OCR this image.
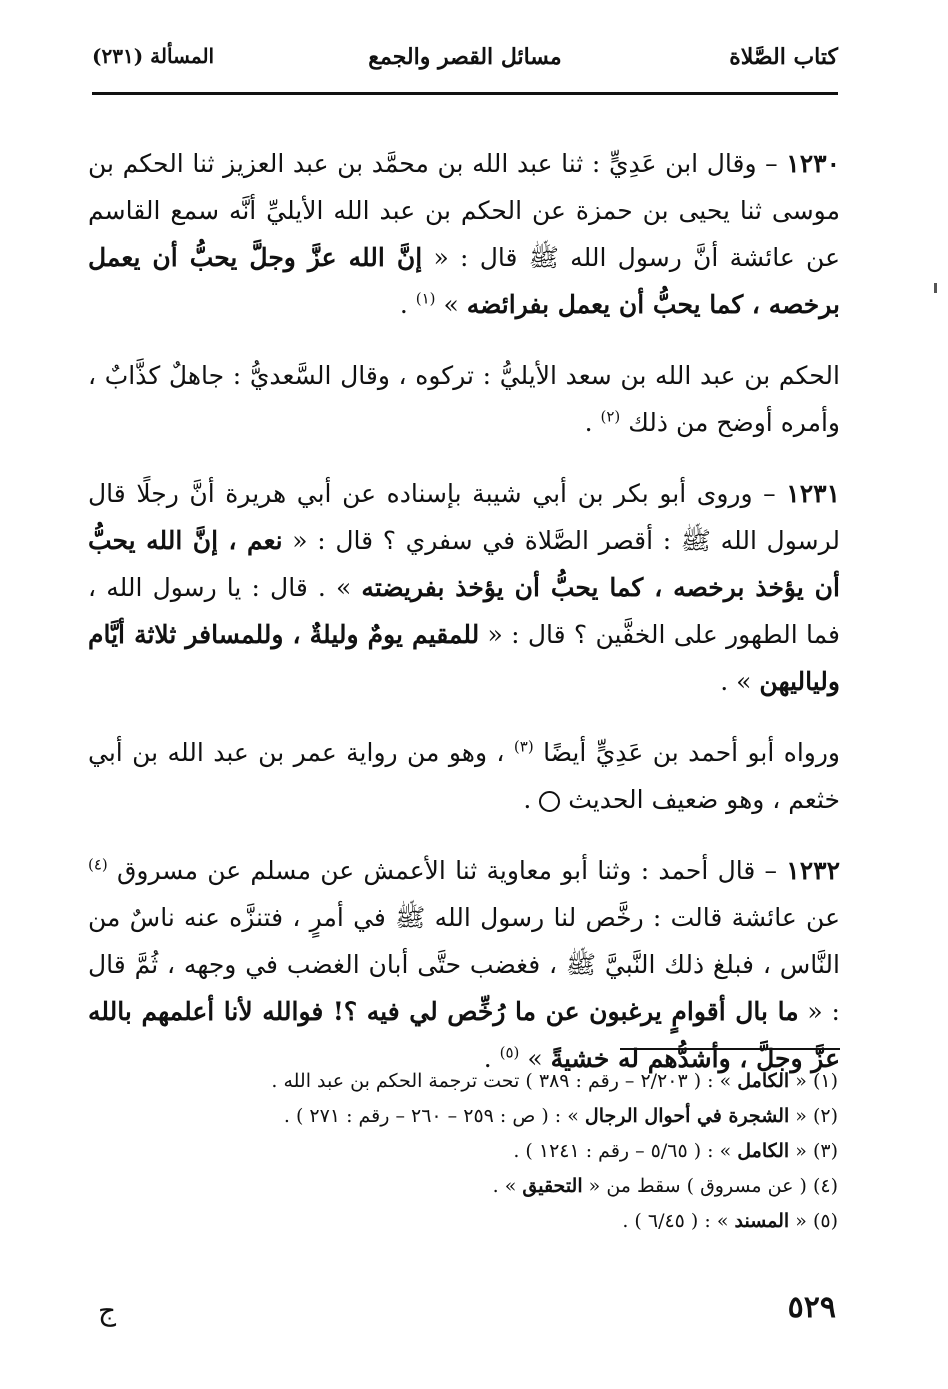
كتاب الصَّلاة
مسائل القصر والجمع
المسألة (٢٣١)

١٢٣٠ – وقال ابن عَدِيٍّ : ثنا عبد الله بن محمَّد بن عبد العزيز ثنا الحكم بن موسى ثنا يحيى بن حمزة عن الحكم بن عبد الله الأيليِّ أنَّه سمع القاسم عن عائشة أنَّ رسول الله ﷺ قال : « إنَّ الله عزَّ وجلَّ يحبُّ أن يعمل برخصه ، كما يحبُّ أن يعمل بفرائضه » $^{(١)}$ .

الحكم بن عبد الله بن سعد الأيليُّ : تركوه ، وقال السَّعديُّ : جاهلٌ كذَّابٌ ، وأمره أوضح من ذلك $^{(٢)}$ .

١٢٣١ – وروى أبو بكر بن أبي شيبة بإسناده عن أبي هريرة أنَّ رجلًا قال لرسول الله ﷺ : أقصر الصَّلاة في سفري ؟ قال : « نعم ، إنَّ الله يحبُّ أن يؤخذ برخصه ، كما يحبُّ أن يؤخذ بفريضته » . قال : يا رسول الله ، فما الطهور على الخفَّين ؟ قال : « للمقيم يومٌ وليلةٌ ، وللمسافر ثلاثة أيَّام ولياليهن » .

ورواه أبو أحمد بن عَدِيٍّ أيضًا $^{(٣)}$ ، وهو من رواية عمر بن عبد الله بن أبي خثعم ، وهو ضعيف الحديث  .

١٢٣٢ – قال أحمد : وثنا أبو معاوية ثنا الأعمش عن مسلم عن مسروق $^{(٤)}$ عن عائشة قالت : رخَّص لنا رسول الله ﷺ في أمرٍ ، فتنزَّه عنه ناسٌ من النَّاس ، فبلغ ذلك النَّبيَّ ﷺ ، فغضب حتَّى أبان الغضب في وجهه ، ثُمَّ قال : « ما بال أقوامٍ يرغبون عن ما رُخِّص لي فيه ؟! فوالله لأنا أعلمهم بالله عزَّ وجلَّ ، وأشدُّهم له خشيةً » $^{(٥)}$ .

(١) « الكامل » : ( ٢/٢٠٣ – رقم : ٣٨٩ ) تحت ترجمة الحكم بن عبد الله .

(٢) « الشجرة في أحوال الرجال » : ( ص : ٢٥٩ – ٢٦٠ – رقم : ٢٧١ ) .

(٣) « الكامل » : ( ٥/٦٥ – رقم : ١٢٤١ ) .

(٤) ( عن مسروق ) سقط من « التحقيق » .

(٥) « المسند » : ( ٦/٤٥ ) .

٥٢٩
ج
